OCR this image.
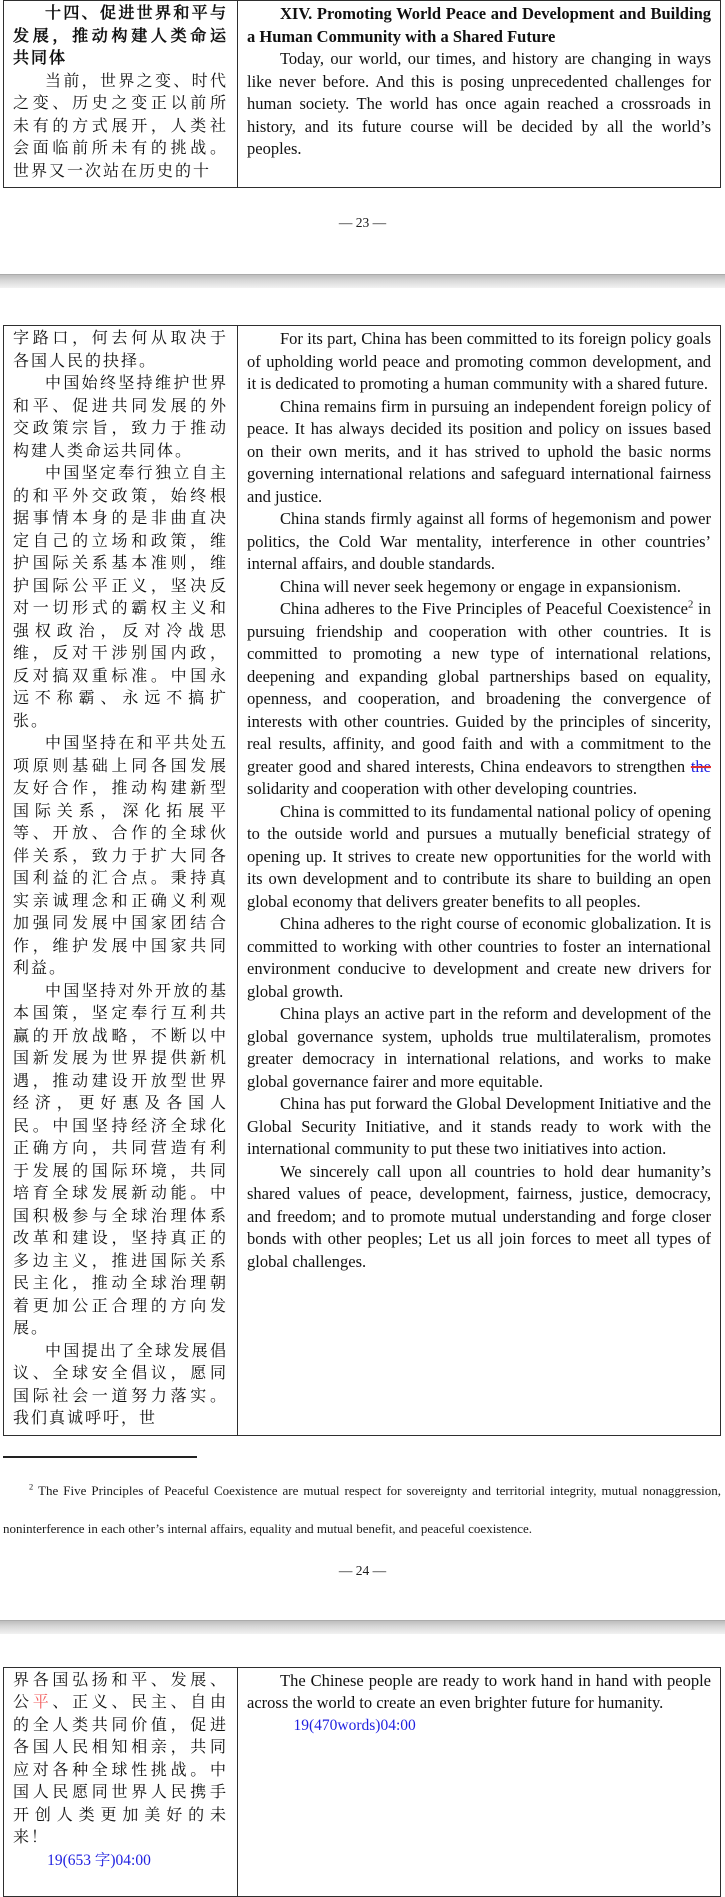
十四、促进世界和平与发展，推动构建人类命运共同体

当前，世界之变、时代之变、历史之变正以前所未有的方式展开，人类社会面临前所未有的挑战。世界又一次站在历史的十

XIV. Promoting World Peace and Development and Building a Human Community with a Shared Future

Today, our world, our times, and history are changing in ways like never before. And this is posing unprecedented challenges for human society. The world has once again reached a crossroads in history, and its future course will be decided by all the world’s peoples.

— 23 —

字路口，何去何从取决于各国人民的抉择。

中国始终坚持维护世界和平、促进共同发展的外交政策宗旨，致力于推动构建人类命运共同体。

中国坚定奉行独立自主的和平外交政策，始终根据事情本身的是非曲直决定自己的立场和政策，维护国际关系基本准则，维护国际公平正义，坚决反对一切形式的霸权主义和强权政治，反对冷战思维，反对干涉别国内政，反对搞双重标准。中国永远不称霸、永远不搞扩张。

中国坚持在和平共处五项原则基础上同各国发展友好合作，推动构建新型国际关系，深化拓展平等、开放、合作的全球伙伴关系，致力于扩大同各国利益的汇合点。秉持真实亲诚理念和正确义利观加强同发展中国家团结合作，维护发展中国家共同利益。

中国坚持对外开放的基本国策，坚定奉行互利共赢的开放战略，不断以中国新发展为世界提供新机遇，推动建设开放型世界经济，更好惠及各国人民。中国坚持经济全球化正确方向，共同营造有利于发展的国际环境，共同培育全球发展新动能。中国积极参与全球治理体系改革和建设，坚持真正的多边主义，推进国际关系民主化，推动全球治理朝着更加公正合理的方向发展。

中国提出了全球发展倡议、全球安全倡议，愿同国际社会一道努力落实。我们真诚呼吁，世

For its part, China has been committed to its foreign policy goals of upholding world peace and promoting common development, and it is dedicated to promoting a human community with a shared future.

China remains firm in pursuing an independent foreign policy of peace. It has always decided its position and policy on issues based on their own merits, and it has strived to uphold the basic norms governing international relations and safeguard international fairness and justice.

China stands firmly against all forms of hegemonism and power politics, the Cold War mentality, interference in other countries’ internal affairs, and double standards.

China will never seek hegemony or engage in expansionism.

China adheres to the Five Principles of Peaceful Coexistence$^2$ in pursuing friendship and cooperation with other countries. It is committed to promoting a new type of international relations, deepening and expanding global partnerships based on equality, openness, and cooperation, and broadening the convergence of interests with other countries. Guided by the principles of sincerity, real results, affinity, and good faith and with a commitment to the greater good and shared interests, China endeavors to strengthen the solidarity and cooperation with other developing countries.

China is committed to its fundamental national policy of opening to the outside world and pursues a mutually beneficial strategy of opening up. It strives to create new opportunities for the world with its own development and to contribute its share to building an open global economy that delivers greater benefits to all peoples.

China adheres to the right course of economic globalization. It is committed to working with other countries to foster an international environment conducive to development and create new drivers for global growth.

China plays an active part in the reform and development of the global governance system, upholds true multilateralism, promotes greater democracy in international relations, and works to make global governance fairer and more equitable.

China has put forward the Global Development Initiative and the Global Security Initiative, and it stands ready to work with the international community to put these two initiatives into action.

We sincerely call upon all countries to hold dear humanity’s shared values of peace, development, fairness, justice, democracy, and freedom; and to promote mutual understanding and forge closer bonds with other peoples; Let us all join forces to meet all types of global challenges.

$^2$ The Five Principles of Peaceful Coexistence are mutual respect for sovereignty and territorial integrity, mutual nonaggression, noninterference in each other’s internal affairs, equality and mutual benefit, and peaceful coexistence.
— 24 —

界各国弘扬和平、发展、公平、正义、民主、自由的全人类共同价值，促进各国人民相知相亲，共同应对各种全球性挑战。中国人民愿同世界人民携手开创人类更加美好的未来！

19(653 字)04:00

The Chinese people are ready to work hand in hand with people across the world to create an even brighter future for humanity.

19(470words)04:00
